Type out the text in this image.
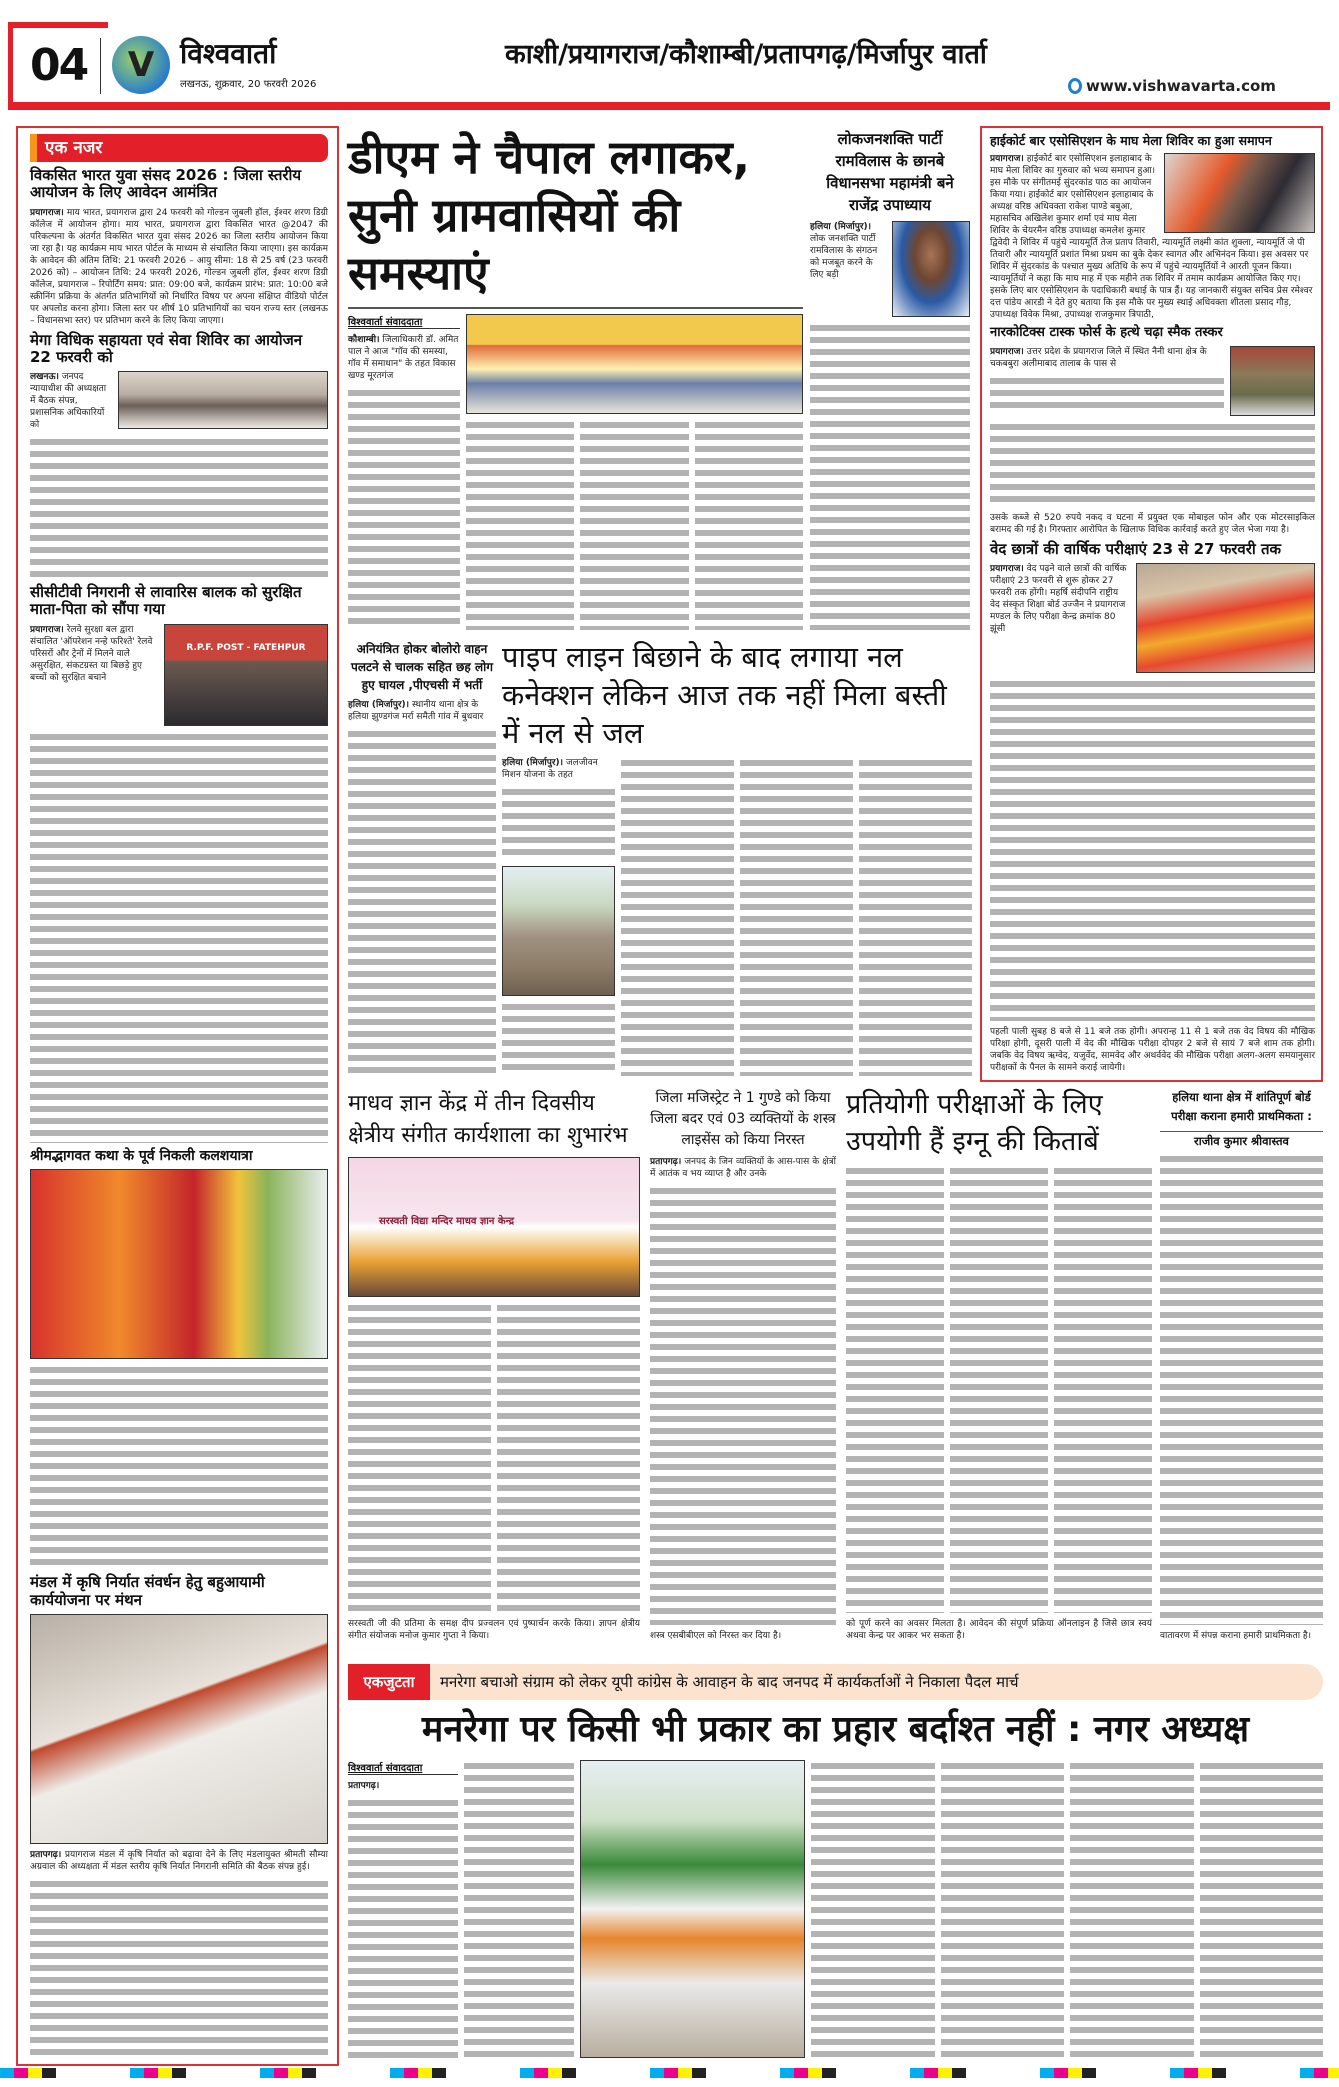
04	V विश्ववार्ता
लखनऊ, शुक्रवार, 20 फरवरी 2026
काशी/प्रयागराज/कौशाम्बी/प्रतापगढ़/मिर्जापुर वार्ता
www.vishwavarta.com
एक नजर
विकसित भारत युवा संसद 2026 : जिला स्तरीय आयोजन के लिए आवेदन आमंत्रित
प्रयागराज। माय भारत, प्रयागराज द्वारा 24 फरवरी को गोल्डन जुबली हॉल, ईश्वर शरण डिग्री कॉलेज में आयोजन होगा। माय भारत, प्रयागराज द्वारा विकसित भारत @2047 की परिकल्पना के अंतर्गत विकसित भारत युवा संसद 2026 का जिला स्तरीय आयोजन किया जा रहा है। यह कार्यक्रम माय भारत पोर्टल के माध्यम से संचालित किया जाएगा। इस कार्यक्रम के आवेदन की अंतिम तिथि: 21 फरवरी 2026 – आयु सीमा: 18 से 25 वर्ष (23 फरवरी 2026 को) – आयोजन तिथि: 24 फरवरी 2026, गोल्डन जुबली हॉल, ईश्वर शरण डिग्री कॉलेज, प्रयागराज – रिपोर्टिंग समय: प्रात: 09:00 बजे, कार्यक्रम प्रारंभ: प्रात: 10:00 बजे स्क्रीनिंग प्रक्रिया के अंतर्गत प्रतिभागियों को निर्धारित विषय पर अपना संक्षिप्त वीडियो पोर्टल पर अपलोड करना होगा। जिला स्तर पर शीर्ष 10 प्रतिभागियों का चयन राज्य स्तर (लखनऊ – विधानसभा स्तर) पर प्रतिभाग करने के लिए किया जाएगा।
मेगा विधिक सहायता एवं सेवा शिविर का आयोजन 22 फरवरी को
लखनऊ। जनपद न्यायाधीश की अध्यक्षता में बैठक संपन्न, प्रशासनिक अधिकारियों को
सीसीटीवी निगरानी से लावारिस बालक को सुरक्षित माता-पिता को सौंपा गया
प्रयागराज। रेलवे सुरक्षा बल द्वारा संचालित 'ऑपरेशन नन्हे फरिश्ते' रेलवे परिसरों और ट्रेनों में मिलने वाले असुरक्षित, संकटग्रस्त या बिछड़े हुए बच्चों को सुरक्षित बचाने
R.P.F. POST - FATEHPUR
श्रीमद्भागवत कथा के पूर्व निकली कलशयात्रा
मंडल में कृषि निर्यात संवर्धन हेतु बहुआयामी कार्ययोजना पर मंथन
प्रतापगढ़। प्रयागराज मंडल में कृषि निर्यात को बढ़ावा देने के लिए मंडलायुक्त श्रीमती सौम्या अग्रवाल की अध्यक्षता में मंडल स्तरीय कृषि निर्यात निगरानी समिति की बैठक संपन्न हुई।
डीएम ने चैपाल लगाकर, सुनी ग्रामवासियों की समस्याएं
विश्ववार्ता संवाददाता
कौशाम्बी। जिलाधिकारी डॉ. अमित पाल ने आज "गॉव की समस्या, गॉव में समाधान" के तहत विकास खण्ड मूरतगंज
लोकजनशक्ति पार्टी रामविलास के छानबे विधानसभा महामंत्री बने राजेंद्र उपाध्याय
हलिया (मिर्जापुर)। लोक जनशक्ति पार्टी रामविलास के संगठन को मजबूत करने के लिए बड़ी
हाईकोर्ट बार एसोसिएशन के माघ मेला शिविर का हुआ समापन
प्रयागराज। हाईकोर्ट बार एसोसिएशन इलाहाबाद के माघ मेला शिविर का गुरुवार को भव्य समापन हुआ। इस मौके पर संगीतमई सुंदरकांड पाठ का आयोजन किया गया। हाईकोर्ट बार एसोसिएशन इलाहाबाद के अध्यक्ष वरिष्ठ अधिवक्ता राकेश पाण्डे बबुआ, महासचिव अखिलेश कुमार शर्मा एवं माघ मेला शिविर के चेयरमैन वरिष्ठ उपाध्यक्ष कमलेश कुमार द्विवेदी ने शिविर में पहुंचे न्यायमूर्ति तेज प्रताप तिवारी, न्यायमूर्ति लक्ष्मी कांत शुक्ला, न्यायमूर्ति जे पी तिवारी और न्यायमूर्ति प्रशांत मिश्रा प्रथम का बुके देकर स्वागत और अभिनंदन किया। इस अवसर पर शिविर में सुंदरकांड के पश्चात मुख्य अतिथि के रूप में पहुंचे न्यायमूर्तियों ने आरती पूजन किया। न्यायमूर्तियों ने कहा कि माघ माह में एक महीने तक शिविर में तमाम कार्यक्रम आयोजित किए गए। इसके लिए बार एसोसिएशन के पदाधिकारी बधाई के पात्र हैं। यह जानकारी संयुक्त सचिव प्रेस रमेश्वर दत्त पांडेय आरडी ने देते हुए बताया कि इस मौके पर मुख्य स्थाई अधिवक्ता शीतला प्रसाद गौड़, उपाध्यक्ष विवेक मिश्रा, उपाध्यक्ष राजकुमार त्रिपाठी,
नारकोटिक्स टास्क फोर्स के हत्थे चढ़ा स्मैक तस्कर
प्रयागराज। उत्तर प्रदेश के प्रयागराज जिले में स्थित नैनी थाना क्षेत्र के चकबबुरा अलीमाबाद तालाब के पास से
उसके कब्जे से 520 रुपये नकद व घटना में प्रयुक्त एक मोबाइल फोन और एक मोटरसाइकिल बरामद की गई है। गिरफ्तार आरोपित के खिलाफ विधिक कार्रवाई करते हुए जेल भेजा गया है।
वेद छात्रों की वार्षिक परीक्षाएं 23 से 27 फरवरी तक
प्रयागराज। वेद पढ़ने वाले छात्रों की वार्षिक परीक्षाएं 23 फरवरी से शुरू होकर 27 फरवरी तक होंगी। महर्षि संदीपनि राष्ट्रीय वेद संस्कृत शिक्षा बोर्ड उज्जैन ने प्रयागराज मण्डल के लिए परीक्षा केन्द्र क्रमांक 80 झूंसी
पहली पाली सुबह 8 बजे से 11 बजे तक होगी। अपरान्ह 11 से 1 बजे तक वेद विषय की मौखिक परिक्षा होगी, दूसरी पाली में वेद की मौखिक परीक्षा दोपहर 2 बजे से सायं 7 बजे शाम तक होगी। जबकि वेद विषय ऋग्वेद, यजुर्वेद, सामवेद और अथर्ववेद की मौखिक परीक्षा अलग-अलग समयानुसार परीक्षकों के पैनल के सामने कराई जायेगी।
अनियंत्रित होकर बोलोरो वाहन पलटने से चालक सहित छह लोग हुए घायल ,पीएचसी में भर्ती
हलिया (मिर्जापुर)। स्थानीय थाना क्षेत्र के हलिया झुण्डगंज मर्रा समैती गांव में बुधवार
पाइप लाइन बिछाने के बाद लगाया नल कनेक्शन लेकिन आज तक नहीं मिला बस्ती में नल से जल
हलिया (मिर्जापुर)। जलजीवन मिशन योजना के तहत
माधव ज्ञान केंद्र में तीन दिवसीय क्षेत्रीय संगीत कार्यशाला का शुभारंभ
सरस्वती विद्या मन्दिर माधव ज्ञान केन्द्र
सरस्वती जी की प्रतिमा के समक्ष दीप प्रज्वलन एवं पुष्पार्चन करके किया। ज्ञापन क्षेत्रीय संगीत संयोजक मनोज कुमार गुप्ता ने किया।
जिला मजिस्ट्रेट ने 1 गुण्डे को किया जिला बदर एवं 03 व्यक्तियों के शस्त्र लाइसेंस को किया निरस्त
प्रतापगढ़। जनपद के जिन व्यक्तियों के आस-पास के क्षेत्रों में आतंक व भय व्याप्त है और उनके
शस्त्र एसबीबीएल को निरस्त कर दिया है।
प्रतियोगी परीक्षाओं के लिए उपयोगी हैं इग्नू की किताबें
को पूर्ण करने का अवसर मिलता है। आवेदन की संपूर्ण प्रक्रिया ऑनलाइन है जिसे छात्र स्वयं अथवा केन्द्र पर आकर भर सकता है।
हलिया थाना क्षेत्र में शांतिपूर्ण बोर्ड परीक्षा कराना हमारी प्राथमिकता :
राजीव कुमार श्रीवास्तव
वातावरण में संपन्न कराना हमारी प्राथमिकता है।
एकजुटता	मनरेगा बचाओ संग्राम को लेकर यूपी कांग्रेस के आवाहन के बाद जनपद में कार्यकर्ताओं ने निकाला पैदल मार्च
मनरेगा पर किसी भी प्रकार का प्रहार बर्दाश्त नहीं : नगर अध्यक्ष
विश्ववार्ता संवाददाता
प्रतापगढ़।
